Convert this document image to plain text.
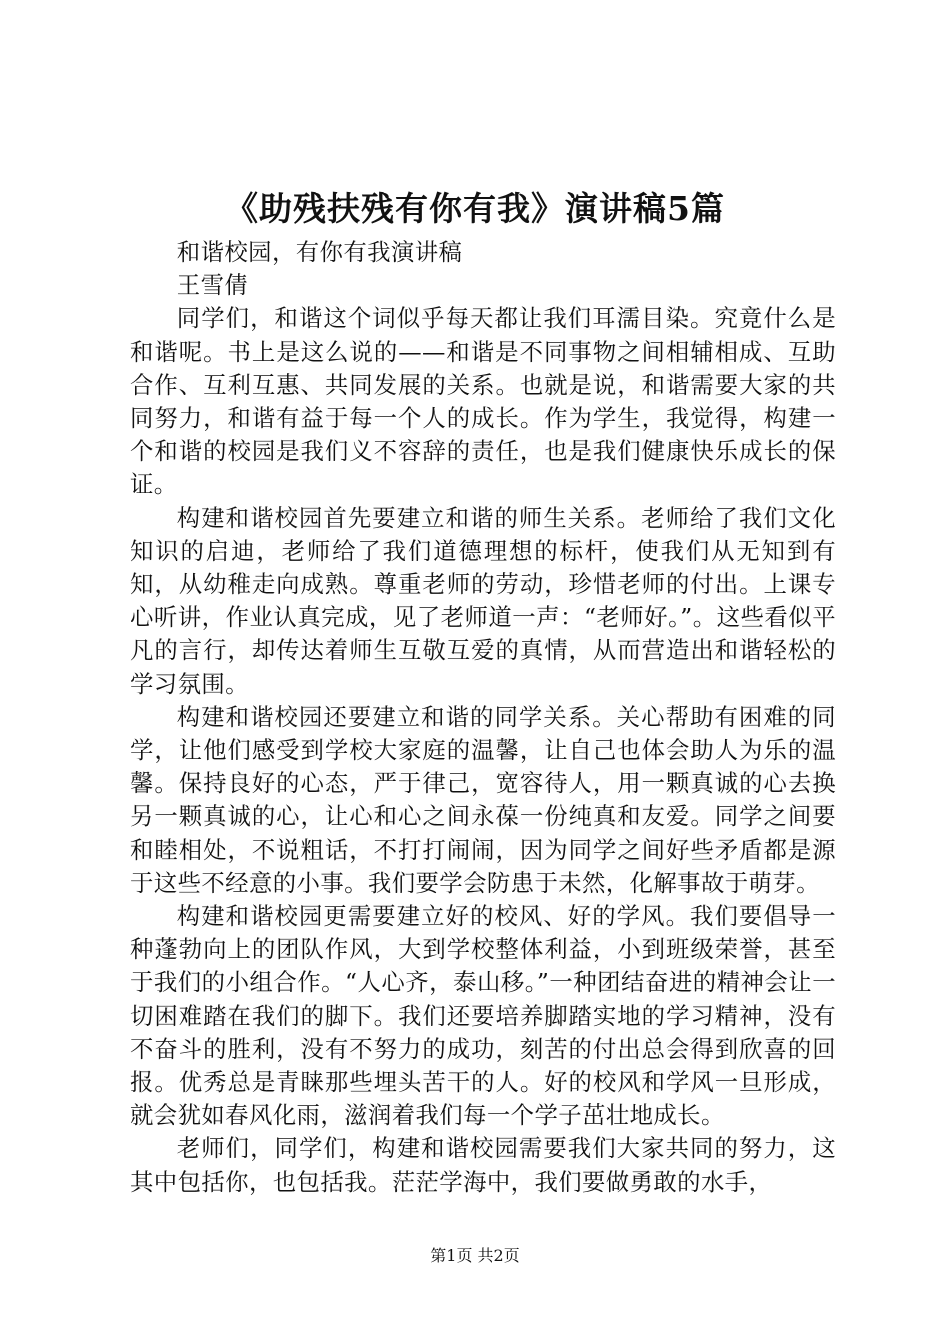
《助残扶残有你有我》演讲稿5篇

和谐校园，有你有我演讲稿

王雪倩

同学们，和谐这个词似乎每天都让我们耳濡目染。究竟什么是和谐呢。书上是这么说的——和谐是不同事物之间相辅相成、互助合作、互利互惠、共同发展的关系。也就是说，和谐需要大家的共同努力，和谐有益于每一个人的成长。作为学生，我觉得，构建一个和谐的校园是我们义不容辞的责任，也是我们健康快乐成长的保证。

构建和谐校园首先要建立和谐的师生关系。老师给了我们文化知识的启迪，老师给了我们道德理想的标杆，使我们从无知到有知，从幼稚走向成熟。尊重老师的劳动，珍惜老师的付出。上课专心听讲，作业认真完成，见了老师道一声：“老师好。”。这些看似平凡的言行，却传达着师生互敬互爱的真情，从而营造出和谐轻松的学习氛围。

构建和谐校园还要建立和谐的同学关系。关心帮助有困难的同学，让他们感受到学校大家庭的温馨，让自己也体会助人为乐的温馨。保持良好的心态，严于律己，宽容待人，用一颗真诚的心去换另一颗真诚的心，让心和心之间永葆一份纯真和友爱。同学之间要和睦相处，不说粗话，不打打闹闹，因为同学之间好些矛盾都是源于这些不经意的小事。我们要学会防患于未然，化解事故于萌芽。

构建和谐校园更需要建立好的校风、好的学风。我们要倡导一种蓬勃向上的团队作风，大到学校整体利益，小到班级荣誉，甚至于我们的小组合作。“人心齐，泰山移。”一种团结奋进的精神会让一切困难踏在我们的脚下。我们还要培养脚踏实地的学习精神，没有不奋斗的胜利，没有不努力的成功，刻苦的付出总会得到欣喜的回报。优秀总是青睐那些埋头苦干的人。好的校风和学风一旦形成，就会犹如春风化雨，滋润着我们每一个学子茁壮地成长。

老师们，同学们，构建和谐校园需要我们大家共同的努力，这其中包括你，也包括我。茫茫学海中，我们要做勇敢的水手，

第1页 共2页
